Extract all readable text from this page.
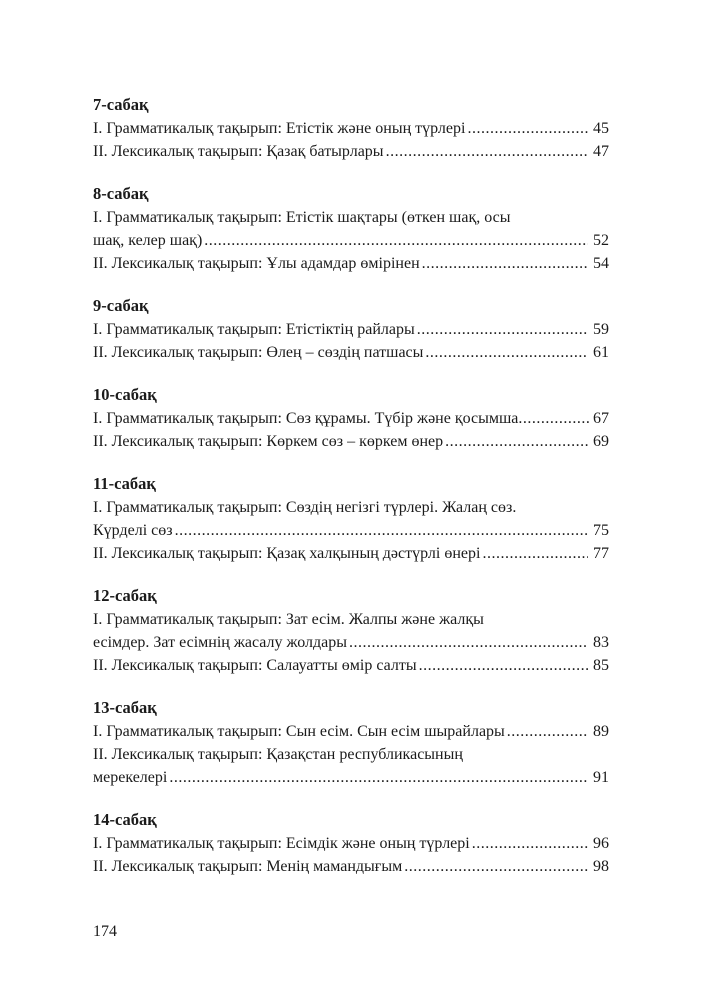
7-сабақ
І. Грамматикалық тақырып: Етістік және оның түрлері .....	45
ІІ. Лексикалық тақырып: Қазақ батырлары .....	47
8-сабақ
І. Грамматикалық тақырып: Етістік шақтары (өткен шақ, осы
шақ, келер шақ) .....	52
ІІ. Лексикалық тақырып: Ұлы адамдар өмірінен .....	54
9-сабақ
І. Грамматикалық тақырып: Етістіктің райлары .....	59
ІІ. Лексикалық тақырып: Өлең – сөздің патшасы .....	61
10-сабақ
І. Грамматикалық тақырып: Сөз құрамы. Түбір және қосымша .....	67
ІІ. Лексикалық тақырып: Көркем сөз – көркем өнер .....	69
11-сабақ
І. Грамматикалық тақырып: Сөздің негізгі түрлері. Жалаң сөз.
Күрделі сөз .....	75
ІІ. Лексикалық тақырып: Қазақ халқының дәстүрлі өнері .....	77
12-сабақ
І. Грамматикалық тақырып: Зат есім. Жалпы және жалқы
есімдер. Зат есімнің жасалу жолдары .....	83
ІІ. Лексикалық тақырып: Салауатты өмір салты .....	85
13-сабақ
І. Грамматикалық тақырып: Сын есім. Сын есім шырайлары .....	89
ІІ. Лексикалық тақырып: Қазақстан республикасының
мерекелері .....	91
14-сабақ
І. Грамматикалық тақырып: Есімдік және оның түрлері .....	96
ІІ. Лексикалық тақырып: Менің мамандығым .....	98
174
